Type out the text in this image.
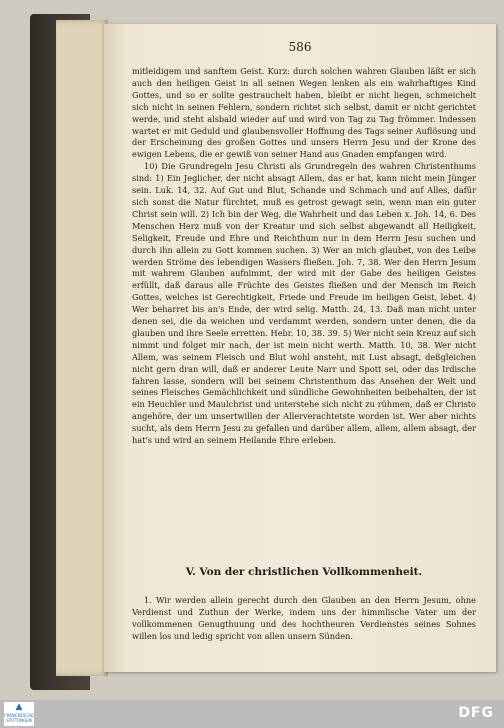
586

mitleidigem und sanftem Geist. Kurz: durch solchen wahren Glauben läßt er sich auch den heiligen Geist in all seinen Wegen lenken als ein wahrhaftiges Kind Gottes, und so er sollte gestrauchelt haben, bleibt er nicht liegen, schmeichelt sich nicht in seinen Fehlern, sondern richtet sich selbst, damit er nicht gerichtet werde, und steht alsbald wieder auf und wird von Tag zu Tag frömmer. Indessen wartet er mit Geduld und glaubensvoller Hoffnung des Tags seiner Auflösung und der Erscheinung des großen Gottes und unsers Herrn Jesu und der Krone des ewigen Lebens, die er gewiß von seiner Hand aus Gnaden empfangen wird.

10) Die Grundregeln Jesu Christi als Grundregeln des wahren Christenthums sind: 1) Ein Jeglicher, der nicht absagt Allem, das er hat, kann nicht mein Jünger sein. Luk. 14, 32. Auf Gut und Blut, Schande und Schmach und auf Alles, dafür sich sonst die Natur fürchtet, muß es getrost gewagt sein, wenn man ein guter Christ sein will. 2) Ich bin der Weg, die Wahrheit und das Leben x. Joh. 14, 6. Des Menschen Herz muß von der Kreatur und sich selbst abgewandt all Heiligkeit, Seligkeit, Freude und Ehre und Reichthum nur in dem Herrn Jesu suchen und durch ihn allein zu Gott kommen suchen. 3) Wer an mich glaubet, von des Leibe werden Ströme des lebendigen Wassers fließen. Joh. 7, 38. Wer den Herrn Jesum mit wahrem Glauben aufnimmt, der wird mit der Gabe des heiligen Geistes erfüllt, daß daraus alle Früchte des Geistes fließen und der Mensch im Reich Gottes, welches ist Gerechtigkeit, Friede und Freude im heiligen Geist, lebet. 4) Wer beharret bis an's Ende, der wird selig. Matth. 24, 13. Daß man nicht unter denen sei, die da weichen und verdammt werden, sondern unter denen, die da glauben und ihre Seele erretten. Hebr. 10, 38. 39. 5) Wer nicht sein Kreuz auf sich nimmt und folget mir nach, der ist mein nicht werth. Matth. 10, 38. Wer nicht Allem, was seinem Fleisch und Blut wohl ansteht, mit Lust absagt, deßgleichen nicht gern dran will, daß er anderer Leute Narr und Spott sei, oder das Irdische fahren lasse, sondern will bei seinem Christenthum das Ansehen der Welt und seines Fleisches Gemächlichkeit und sündliche Gewohnheiten beibehalten, der ist ein Heuchler und Maulchrist und unterstehe sich nicht zu rühmen, daß er Christo angehöre, der um unsertwillen der Allerverachtetste worden ist. Wer aber nichts sucht, als dem Herrn Jesu zu gefallen und darüber allem, allem, allem absagt, der hat's und wird an seinem Heilande Ehre erleben.

V. Von der christlichen Vollkommenheit.
1. Wir werden allein gerecht durch den Glauben an den Herrn Jesum, ohne Verdienst und Zuthun der Werke, indem uns der himmlische Vater um der vollkommenen Genugthuung und des hochtheuren Verdienstes seines Sohnes willen los und ledig spricht von allen unsern Sünden.
▲
FRANCKESCHE STIFTUNGEN	DFG
